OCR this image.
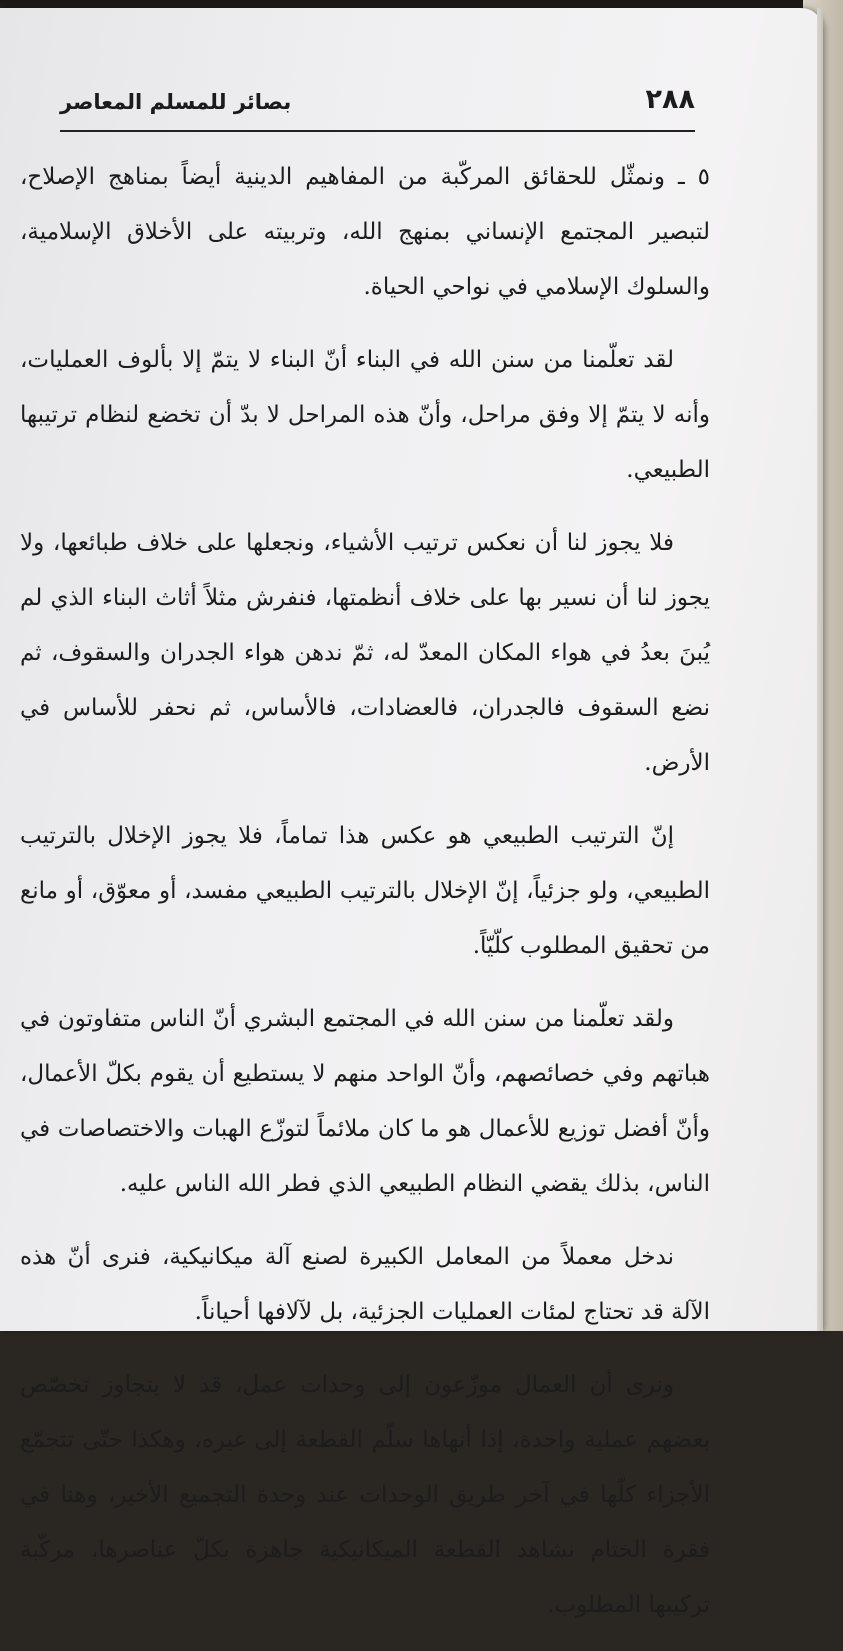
بصائر للمسلم المعاصر	٢٨٨

٥ ـ ونمثّل للحقائق المركّبة من المفاهيم الدينية أيضاً بمناهج الإصلاح، لتبصير المجتمع الإنساني بمنهج الله، وتربيته على الأخلاق الإسلامية، والسلوك الإسلامي في نواحي الحياة.

لقد تعلّمنا من سنن الله في البناء أنّ البناء لا يتمّ إلا بألوف العمليات، وأنه لا يتمّ إلا وفق مراحل، وأنّ هذه المراحل لا بدّ أن تخضع لنظام ترتيبها الطبيعي.

فلا يجوز لنا أن نعكس ترتيب الأشياء، ونجعلها على خلاف طبائعها، ولا يجوز لنا أن نسير بها على خلاف أنظمتها، فنفرش مثلاً أثاث البناء الذي لم يُبنَ بعدُ في هواء المكان المعدّ له، ثمّ ندهن هواء الجدران والسقوف، ثم نضع السقوف فالجدران، فالعضادات، فالأساس، ثم نحفر للأساس في الأرض.

إنّ الترتيب الطبيعي هو عكس هذا تماماً، فلا يجوز الإخلال بالترتيب الطبيعي، ولو جزئياً، إنّ الإخلال بالترتيب الطبيعي مفسد، أو معوّق، أو مانع من تحقيق المطلوب كلّيّاً.

ولقد تعلّمنا من سنن الله في المجتمع البشري أنّ الناس متفاوتون في هباتهم وفي خصائصهم، وأنّ الواحد منهم لا يستطيع أن يقوم بكلّ الأعمال، وأنّ أفضل توزيع للأعمال هو ما كان ملائماً لتوزّع الهبات والاختصاصات في الناس، بذلك يقضي النظام الطبيعي الذي فطر الله الناس عليه.

ندخل معملاً من المعامل الكبيرة لصنع آلة ميكانيكية، فنرى أنّ هذه الآلة قد تحتاج لمئات العمليات الجزئية، بل لآلافها أحياناً.

ونرى أن العمال موزّعون إلى وحدات عمل، قد لا يتجاوز تخصّص بعضهم عملية واحدة، إذا أنهاها سلّم القطعة إلى غيره، وهكذا حتّى تتجمّع الأجزاء كلّها في آخر طريق الوحدات عند وحدة التجميع الأخير، وهنا في فقرة الختام نشاهد القطعة الميكانيكية جاهزة بكلّ عناصرها، مركّبة تركيبها المطلوب.
